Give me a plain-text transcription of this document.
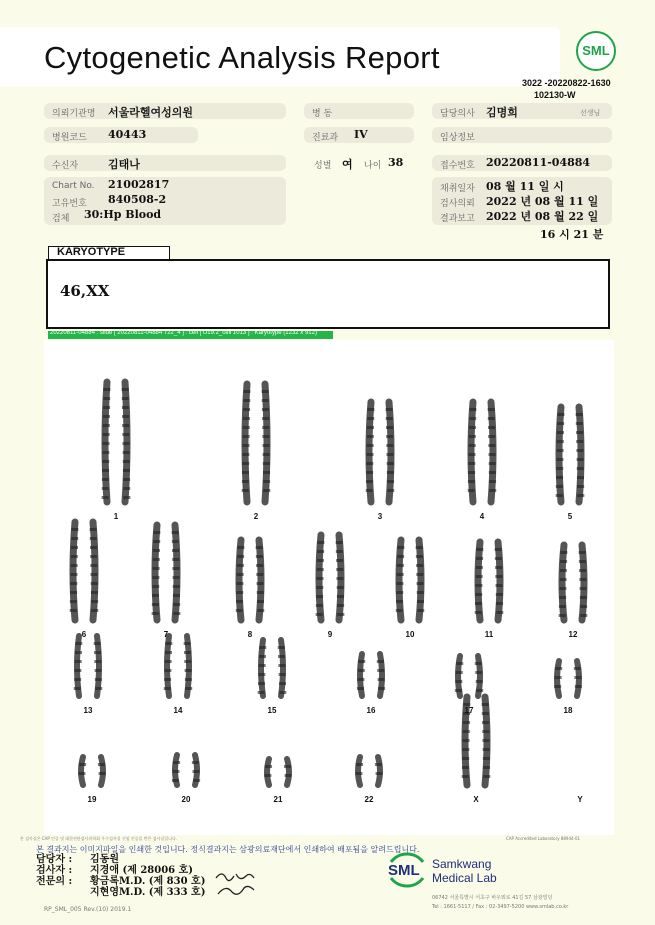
Cytogenetic Analysis Report	SML
3022 -20220822-1630
102130-W
의뢰기관명 서울라헬여성의원	병 동	담당의사 김명희	선생님
병원코드 40443	진료과 IV	임상정보
수신자	김태나	성별 여 나이 38	접수번호 20220811-04884
Chart No. 21002817
고유번호 840508-2
검체 30:Hp Blood
채취일자 08 월 11 일 시
검사의뢰 2022 년 08 월 11 일
결과보고 2022 년 08 월 22 일
16 시 21 분
KARYOTYPE
46,XX
20220811-04884 : slide [ 20220811-04884 722_4 ] : cell [ U19.2_cell 1013 ] : Karyotype (1232 x 912)
1	2	3	4	5
6	7	8	9	10	11	12
13	14	15	16	17	18
19	20	21	22	X	Y
본 검사실은 CAP 인증 및 대한진단검사의학회 우수검사실 신임 인증을 받은 검사실입니다.	CAP Accredited Laboratory 88944-01
본 결과지는 이미지파일을 인쇄한 것입니다. 정식결과지는 삼광의료재단에서 인쇄하여 배포됨을 알려드립니다.
담당자 : 김동원
검사자 : 지경애 (제 28006 호)
전문의 : 황금록M.D. (제 830 호)
지현영M.D. (제 333 호)
RP_SML_005 Rev.(10) 2019.1
SML Samkwang
Medical Lab
06742 서울특별시 서초구 바우뫼로 41길 57 삼광빌딩
Tel : 1661-5117 / Fax : 02-3497-5200 www.smlab.co.kr
